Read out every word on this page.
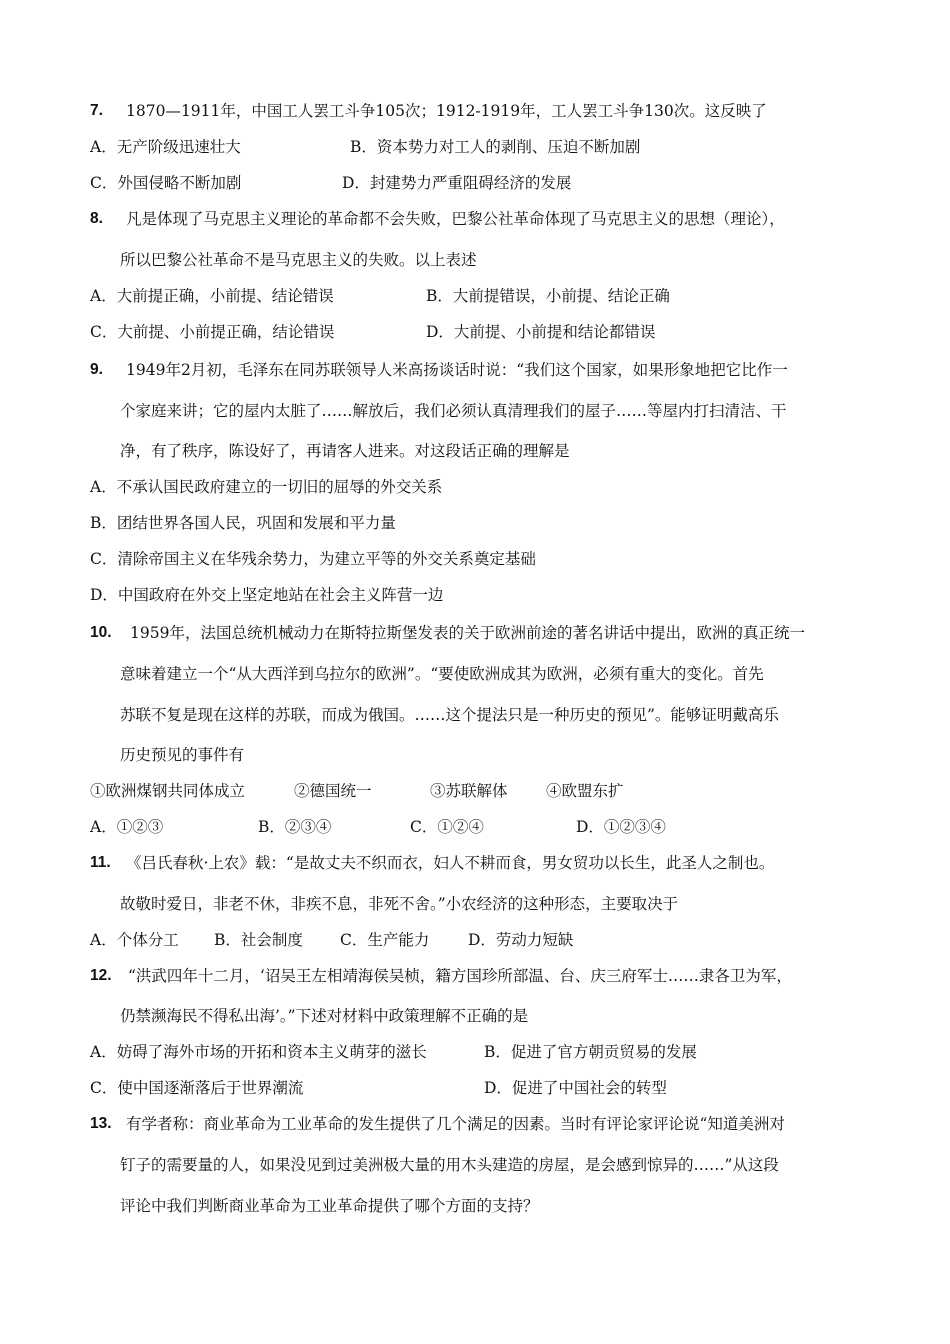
7. 1870—1911年，中国工人罢工斗争105次；1912-1919年，工人罢工斗争130次。这反映了
A．无产阶级迅速壮大	B．资本势力对工人的剥削、压迫不断加剧
C．外国侵略不断加剧	D．封建势力严重阻碍经济的发展
8. 凡是体现了马克思主义理论的革命都不会失败，巴黎公社革命体现了马克思主义的思想（理论），
所以巴黎公社革命不是马克思主义的失败。以上表述
A．大前提正确，小前提、结论错误	B．大前提错误，小前提、结论正确
C．大前提、小前提正确，结论错误	D．大前提、小前提和结论都错误
9. 1949年2月初，毛泽东在同苏联领导人米高扬谈话时说：“我们这个国家，如果形象地把它比作一
个家庭来讲；它的屋内太脏了……解放后，我们必须认真清理我们的屋子……等屋内打扫清洁、干
净，有了秩序，陈设好了，再请客人进来。对这段话正确的理解是
A．不承认国民政府建立的一切旧的屈辱的外交关系
B．团结世界各国人民，巩固和发展和平力量
C．清除帝国主义在华残余势力，为建立平等的外交关系奠定基础
D．中国政府在外交上坚定地站在社会主义阵营一边
10. 1959年，法国总统机械动力在斯特拉斯堡发表的关于欧洲前途的著名讲话中提出，欧洲的真正统一
意味着建立一个“从大西洋到乌拉尔的欧洲”。“要使欧洲成其为欧洲，必须有重大的变化。首先
苏联不复是现在这样的苏联，而成为俄国。……这个提法只是一种历史的预见”。能够证明戴高乐
历史预见的事件有
①欧洲煤钢共同体成立	②德国统一	③苏联解体 ④欧盟东扩
A．①②③	B．②③④	C．①②④	D．①②③④
11. 《吕氏春秋·上农》载：“是故丈夫不织而衣，妇人不耕而食，男女贸功以长生，此圣人之制也。
故敬时爱日，非老不休，非疾不息，非死不舍。”小农经济的这种形态，主要取决于
A．个体分工 B．社会制度 C．生产能力 D．劳动力短缺
12. “洪武四年十二月，‘诏吴王左相靖海侯吴桢，籍方国珍所部温、台、庆三府军士……隶各卫为军，
仍禁濒海民不得私出海’。”下述对材料中政策理解不正确的是
A．妨碍了海外市场的开拓和资本主义萌芽的滋长	B．促进了官方朝贡贸易的发展
C．使中国逐渐落后于世界潮流	D．促进了中国社会的转型
13. 有学者称：商业革命为工业革命的发生提供了几个满足的因素。当时有评论家评论说“知道美洲对
钉子的需要量的人，如果没见到过美洲极大量的用木头建造的房屋，是会感到惊异的……”从这段
评论中我们判断商业革命为工业革命提供了哪个方面的支持？
